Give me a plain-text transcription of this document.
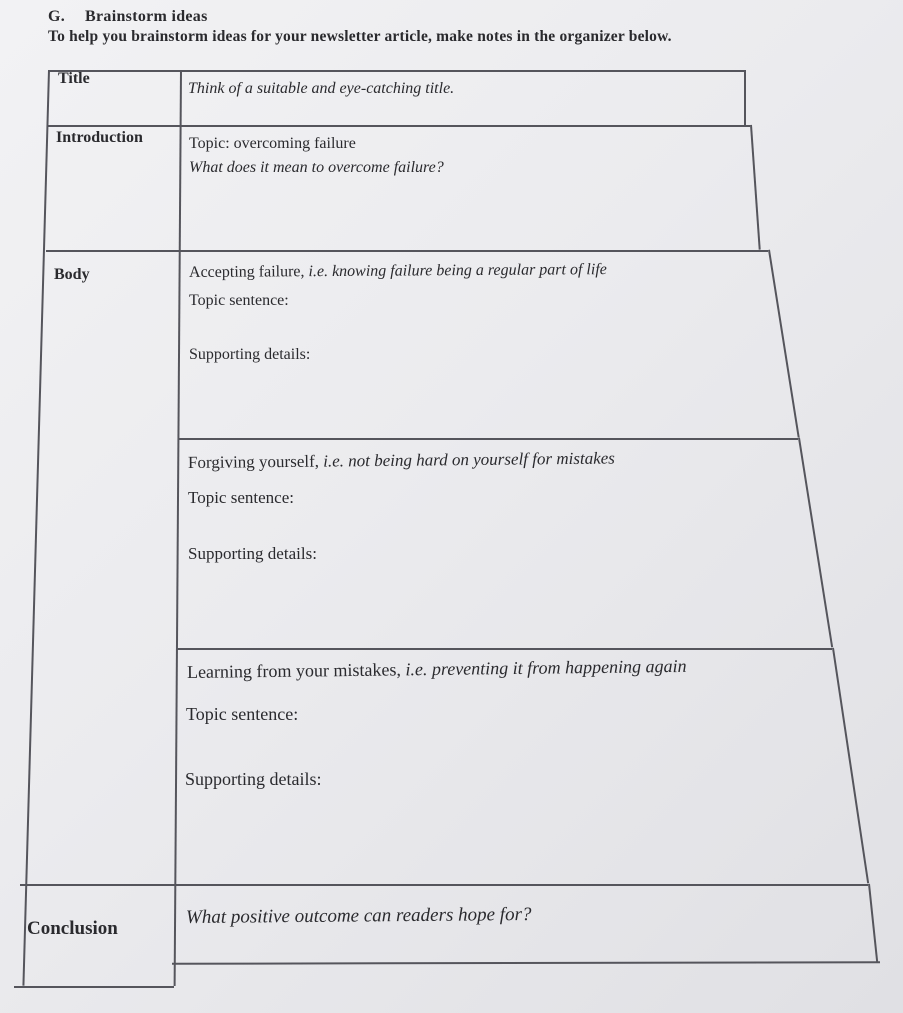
G. Brainstorm ideas
To help you brainstorm ideas for your newsletter article, make notes in the organizer below.
Title
Introduction
Body
Conclusion
Think of a suitable and eye-catching title.
Topic: overcoming failure
What does it mean to overcome failure?
Accepting failure, i.e. knowing failure being a regular part of life
Topic sentence:
Supporting details:
Forgiving yourself, i.e. not being hard on yourself for mistakes
Topic sentence:
Supporting details:
Learning from your mistakes, i.e. preventing it from happening again
Topic sentence:
Supporting details:
What positive outcome can readers hope for?
